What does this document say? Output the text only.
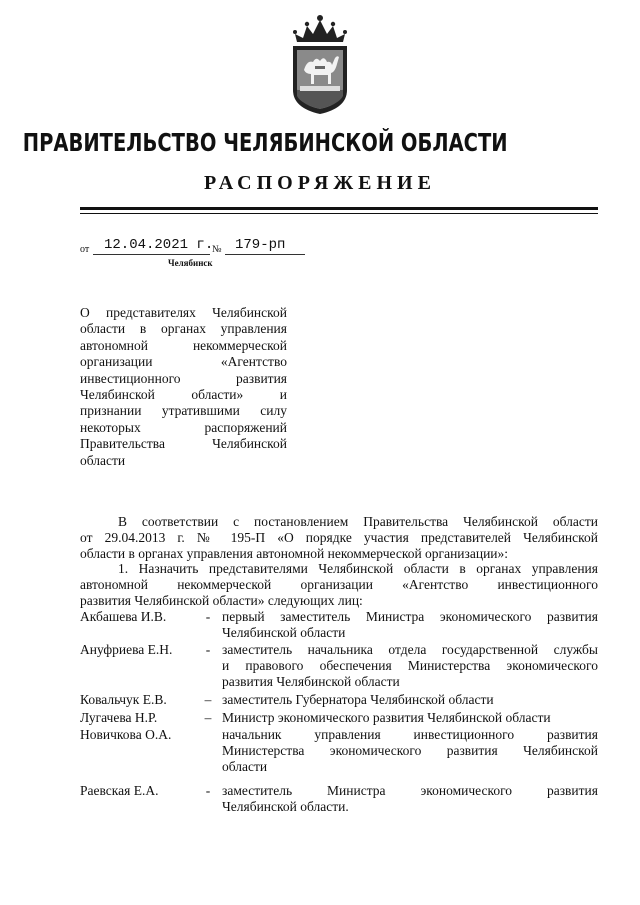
ПРАВИТЕЛЬСТВО ЧЕЛЯБИНСКОЙ ОБЛАСТИ
РАСПОРЯЖЕНИЕ
от 12.04.2021 г.
№ 179-рп
Челябинск
О представителях Челябинской
области в органах управления
автономной некоммерческой
организации «Агентство
инвестиционного развития
Челябинской области» и
признании утратившими силу
некоторых распоряжений
Правительства Челябинской
области
В соответствии с постановлением Правительства Челябинской области
от 29.04.2013 г. № 195-П «О порядке участия представителей Челябинской
области в органах управления автономной некоммерческой организации»:
1. Назначить представителями Челябинской области в органах управления
автономной некоммерческой организации «Агентство инвестиционного
развития Челябинской области» следующих лиц:
Акбашева И.В.	- первый заместитель Министра экономического развития
Челябинской области
Ануфриева Е.Н.	- заместитель начальника отдела государственной службы
и правового обеспечения Министерства экономического
развития Челябинской области
Ковальчук Е.В.	– заместитель Губернатора Челябинской области
Лугачева Н.Р.	– Министр экономического развития Челябинской области
Новичкова О.А.	начальник управления инвестиционного развития
Министерства экономического развития Челябинской
области
Раевская Е.А.	- заместитель Министра экономического развития
Челябинской области.
